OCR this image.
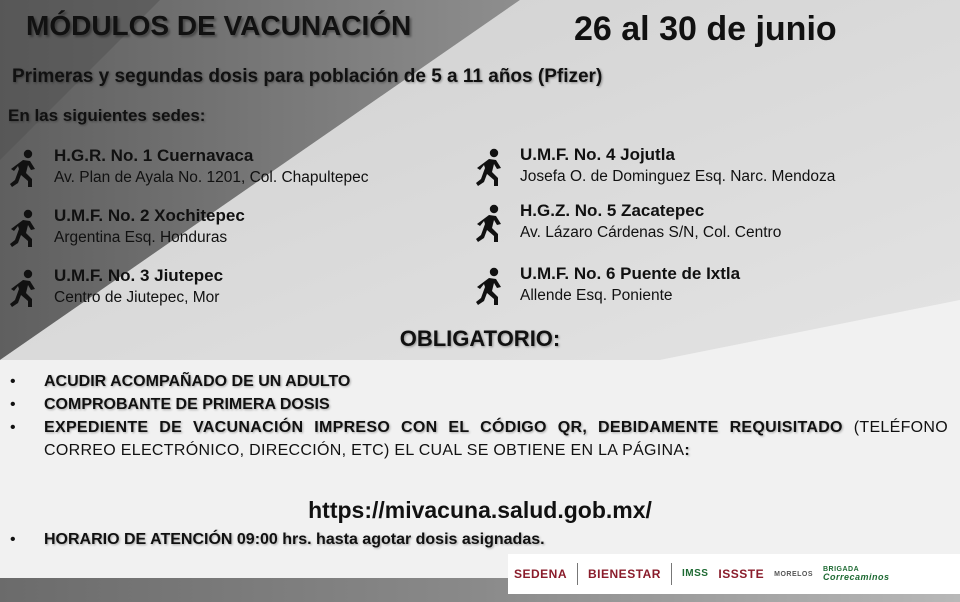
MÓDULOS DE VACUNACIÓN	26 al 30 de junio
Primeras y segundas dosis para población de 5 a 11 años (Pfizer)
En las siguientes sedes:
H.G.R. No. 1 Cuernavaca
Av. Plan de Ayala No. 1201, Col. Chapultepec
U.M.F. No. 2 Xochitepec
Argentina Esq. Honduras
U.M.F. No. 3 Jiutepec
Centro de Jiutepec, Mor
U.M.F. No. 4 Jojutla
Josefa O. de Dominguez Esq. Narc. Mendoza
H.G.Z. No. 5 Zacatepec
Av. Lázaro Cárdenas S/N, Col. Centro
U.M.F. No. 6 Puente de Ixtla
Allende Esq. Poniente
OBLIGATORIO:
•	ACUDIR ACOMPAÑADO DE UN ADULTO
•	COMPROBANTE DE PRIMERA DOSIS
•	EXPEDIENTE DE VACUNACIÓN IMPRESO CON EL CÓDIGO QR, DEBIDAMENTE REQUISITADO (TELÉFONO CORREO ELECTRÓNICO, DIRECCIÓN, ETC) EL CUAL SE OBTIENE EN LA PÁGINA:
https://mivacuna.salud.gob.mx/
•	HORARIO DE ATENCIÓN 09:00 hrs. hasta agotar dosis asignadas.
SEDENA BIENESTAR IMSS ISSSTE MORELOS
BRIGADA
Correcaminos
